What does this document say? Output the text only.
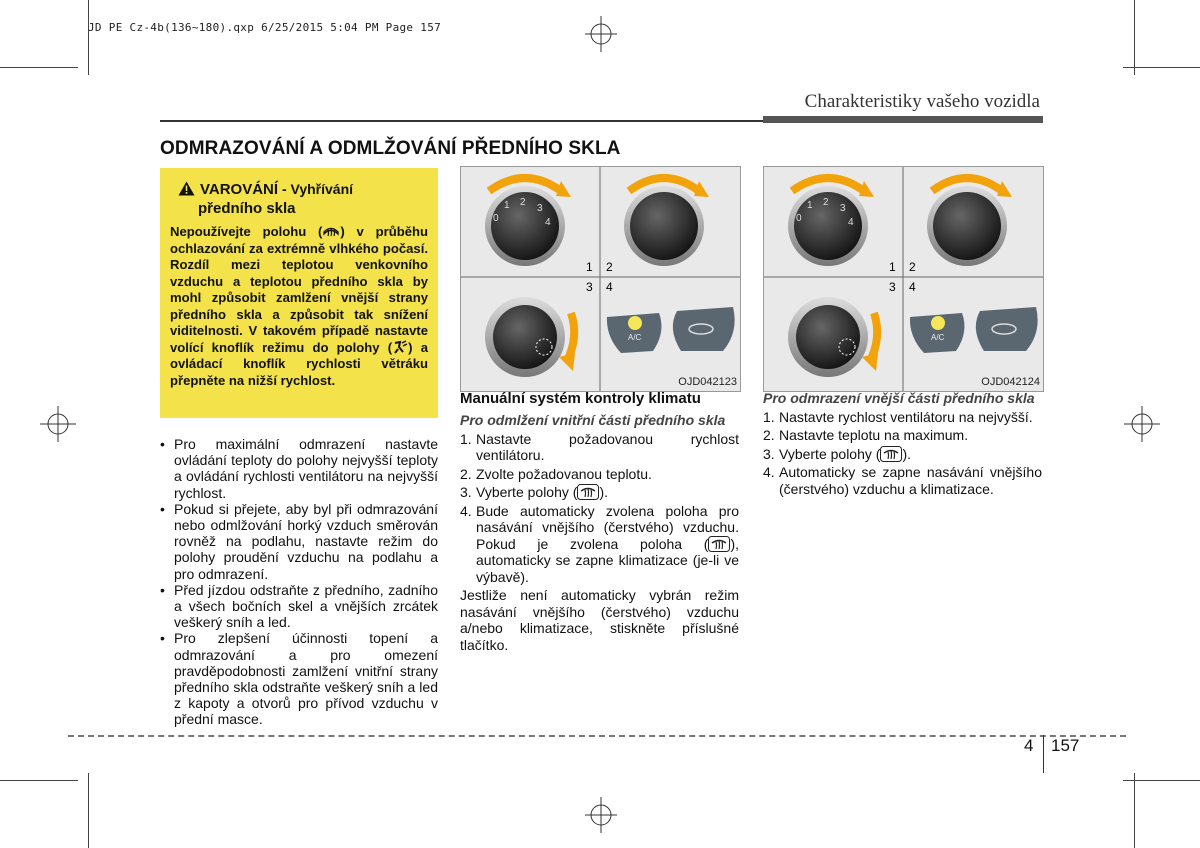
JD PE Cz-4b(136~180).qxp 6/25/2015 5:04 PM Page 157
Charakteristiky vašeho vozidla
ODMRAZOVÁNÍ A ODMLŽOVÁNÍ PŘEDNÍHO SKLA
VAROVÁNÍ - Vyhřívání
předního skla
Nepoužívejte polohu ( ) v průběhu ochlazování za extrémně vlhkého počasí. Rozdíl mezi teplotou venkovního vzduchu a teplotou předního skla by mohl způsobit zamlžení vnější strany předního skla a způsobit tak snížení viditelnosti. V takovém případě nastavte volící knoflík režimu do polohy ( ) a ovládací knoflík rychlosti větráku přepněte na nižší rychlost.
• Pro maximální odmrazení nastavte ovládání teploty do polohy nejvyšší teploty a ovládání rychlosti ventilátoru na nejvyšší rychlost.
• Pokud si přejete, aby byl při odmrazování nebo odmlžování horký vzduch směrován rovněž na podlahu, nastavte režim do polohy proudění vzduchu na podlahu a pro odmrazení.
• Před jízdou odstraňte z předního, zadního a všech bočních skel a vnějších zrcátek veškerý sníh a led.
• Pro zlepšení účinnosti topení a odmrazování a pro omezení pravděpodobnosti zamlžení vnitřní strany předního skla odstraňte veškerý sníh a led z kapoty a otvorů pro přívod vzduchu v přední masce.
0
1 2
3
4
A/C
1 2
3 4
OJD042123
0
1 2
3
4
A/C
1 2
3 4
OJD042124
Manuální systém kontroly klimatu
Pro odmlžení vnitřní části předního skla
1. Nastavte požadovanou rychlost ventilátoru.
2. Zvolte požadovanou teplotu.
3. Vyberte polohy ( ).
4. Bude automaticky zvolena poloha pro nasávání vnějšího (čerstvého) vzduchu. Pokud je zvolena poloha ( ), automaticky se zapne klimatizace (je-li ve výbavě).
Jestliže není automaticky vybrán režim nasávání vnějšího (čerstvého) vzduchu a/nebo klimatizace, stiskněte příslušné tlačítko.
Pro odmrazení vnější části předního skla
1. Nastavte rychlost ventilátoru na nejvyšší.
2. Nastavte teplotu na maximum.
3. Vyberte polohy ( ).
4. Automaticky se zapne nasávání vnějšího (čerstvého) vzduchu a klimatizace.
4 157
